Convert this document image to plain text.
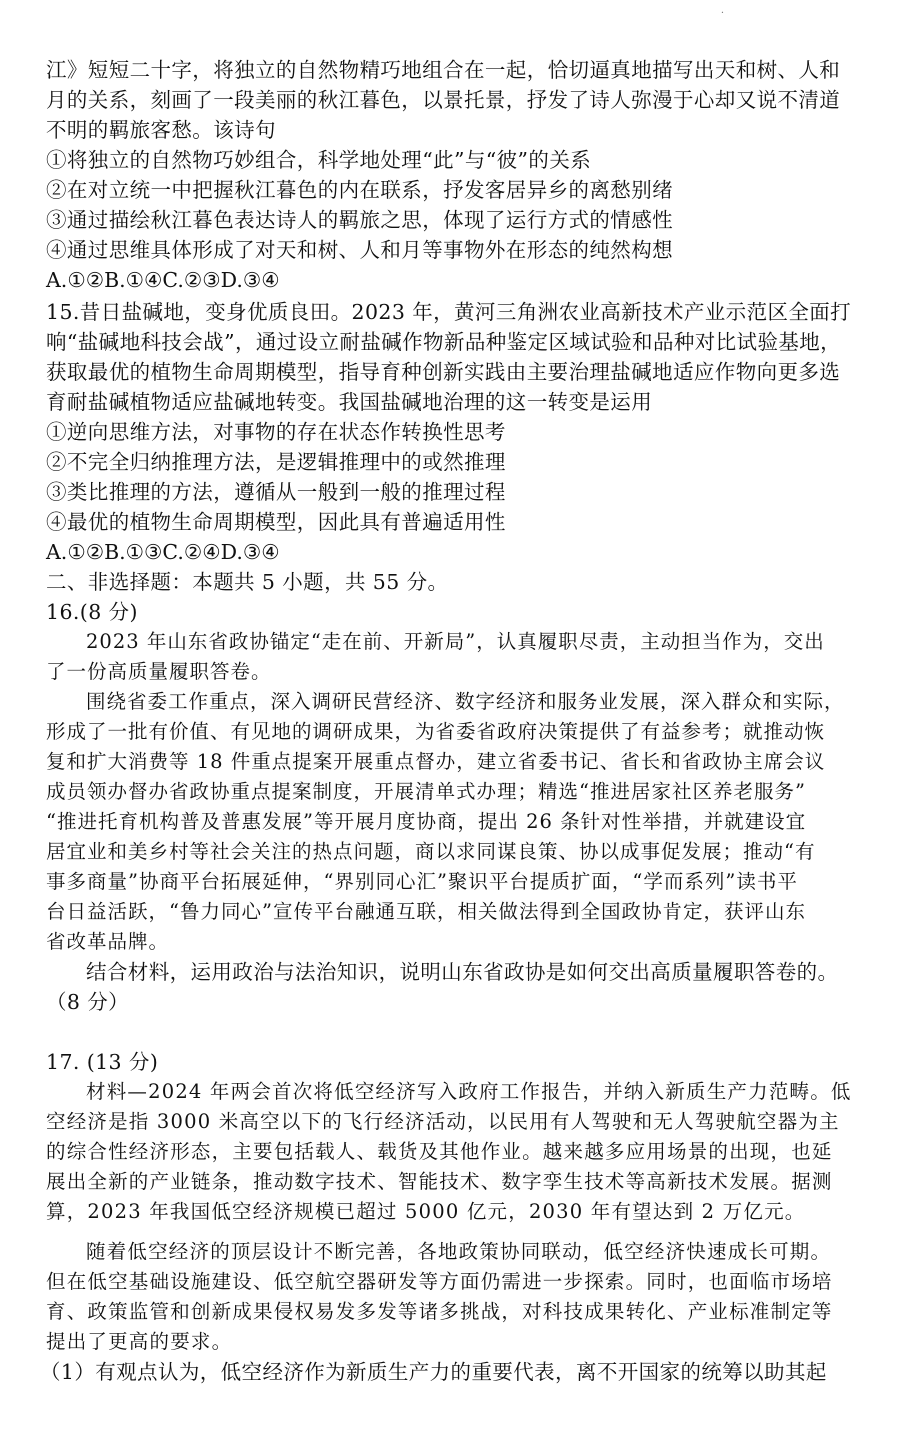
·
江》短短二十字，将独立的自然物精巧地组合在一起，恰切逼真地描写出天和树、人和
月的关系，刻画了一段美丽的秋江暮色，以景托景，抒发了诗人弥漫于心却又说不清道
不明的羁旅客愁。该诗句
①将独立的自然物巧妙组合，科学地处理“此”与“彼”的关系
②在对立统一中把握秋江暮色的内在联系，抒发客居异乡的离愁别绪
③通过描绘秋江暮色表达诗人的羁旅之思，体现了运行方式的情感性
④通过思维具体形成了对天和树、人和月等事物外在形态的纯然构想
A.①②B.①④C.②③D.③④
15.昔日盐碱地，变身优质良田。2023 年，黄河三角洲农业高新技术产业示范区全面打
响“盐碱地科技会战”，通过设立耐盐碱作物新品种鉴定区域试验和品种对比试验基地，
获取最优的植物生命周期模型，指导育种创新实践由主要治理盐碱地适应作物向更多选
育耐盐碱植物适应盐碱地转变。我国盐碱地治理的这一转变是运用
①逆向思维方法，对事物的存在状态作转换性思考
②不完全归纳推理方法，是逻辑推理中的或然推理
③类比推理的方法，遵循从一般到一般的推理过程
④最优的植物生命周期模型，因此具有普遍适用性
A.①②B.①③C.②④D.③④
二、非选择题：本题共 5 小题，共 55 分。
16.(8 分)
2023 年山东省政协锚定“走在前、开新局”，认真履职尽责，主动担当作为，交出
了一份高质量履职答卷。
围绕省委工作重点，深入调研民营经济、数字经济和服务业发展，深入群众和实际，
形成了一批有价值、有见地的调研成果，为省委省政府决策提供了有益参考；就推动恢
复和扩大消费等 18 件重点提案开展重点督办，建立省委书记、省长和省政协主席会议
成员领办督办省政协重点提案制度，开展清单式办理；精选“推进居家社区养老服务”
“推进托育机构普及普惠发展”等开展月度协商，提出 26 条针对性举措，并就建设宜
居宜业和美乡村等社会关注的热点问题，商以求同谋良策、协以成事促发展；推动“有
事多商量”协商平台拓展延伸，“界别同心汇”聚识平台提质扩面，“学而系列”读书平
台日益活跃，“鲁力同心”宣传平台融通互联，相关做法得到全国政协肯定，获评山东
省改革品牌。
结合材料，运用政治与法治知识，说明山东省政协是如何交出高质量履职答卷的。
（8 分）
17. (13 分)
材料—2024 年两会首次将低空经济写入政府工作报告，并纳入新质生产力范畴。低
空经济是指 3000 米高空以下的飞行经济活动，以民用有人驾驶和无人驾驶航空器为主
的综合性经济形态，主要包括载人、载货及其他作业。越来越多应用场景的出现，也延
展出全新的产业链条，推动数字技术、智能技术、数字孪生技术等高新技术发展。据测
算，2023 年我国低空经济规模已超过 5000 亿元，2030 年有望达到 2 万亿元。
随着低空经济的顶层设计不断完善，各地政策协同联动，低空经济快速成长可期。
但在低空基础设施建设、低空航空器研发等方面仍需进一步探索。同时，也面临市场培
育、政策监管和创新成果侵权易发多发等诸多挑战，对科技成果转化、产业标准制定等
提出了更高的要求。
（1）有观点认为，低空经济作为新质生产力的重要代表，离不开国家的统筹以助其起
